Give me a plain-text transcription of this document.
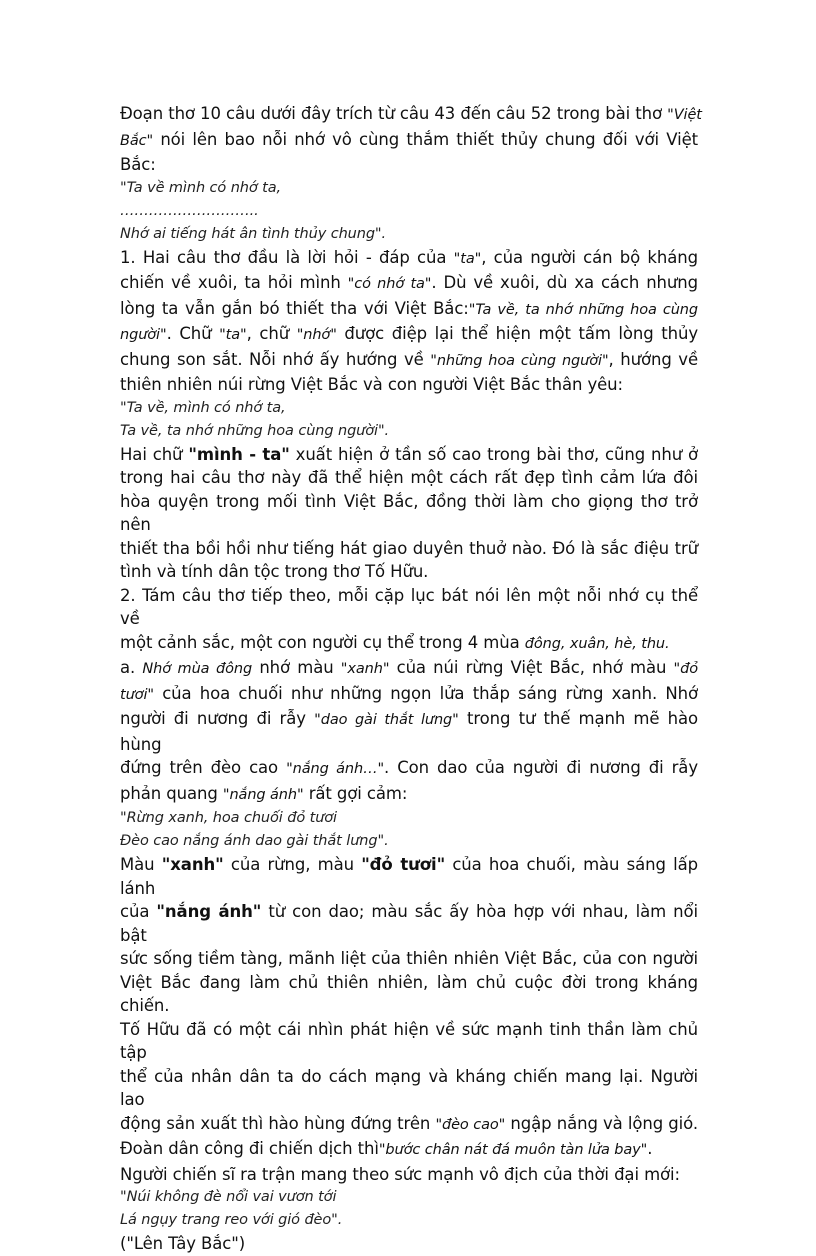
Đoạn thơ 10 câu dưới đây trích từ câu 43 đến câu 52 trong bài thơ "Việt
Bắc" nói lên bao nỗi nhớ vô cùng thắm thiết thủy chung đối với Việt
Bắc:
"Ta về mình có nhớ ta,
………………………..
Nhớ ai tiếng hát ân tình thủy chung".
1. Hai câu thơ đầu là lời hỏi - đáp của "ta", của người cán bộ kháng
chiến về xuôi, ta hỏi mình "có nhớ ta". Dù về xuôi, dù xa cách nhưng
lòng ta vẫn gắn bó thiết tha với Việt Bắc:"Ta về, ta nhớ những hoa cùng
người". Chữ "ta", chữ "nhớ" được điệp lại thể hiện một tấm lòng thủy
chung son sắt. Nỗi nhớ ấy hướng về "những hoa cùng người", hướng về
thiên nhiên núi rừng Việt Bắc và con người Việt Bắc thân yêu:
"Ta về, mình có nhớ ta,
Ta về, ta nhớ những hoa cùng người".
Hai chữ "mình - ta" xuất hiện ở tần số cao trong bài thơ, cũng như ở
trong hai câu thơ này đã thể hiện một cách rất đẹp tình cảm lứa đôi
hòa quyện trong mối tình Việt Bắc, đồng thời làm cho giọng thơ trở nên
thiết tha bồi hồi như tiếng hát giao duyên thuở nào. Đó là sắc điệu trữ
tình và tính dân tộc trong thơ Tố Hữu.
2. Tám câu thơ tiếp theo, mỗi cặp lục bát nói lên một nỗi nhớ cụ thể về
một cảnh sắc, một con người cụ thể trong 4 mùa đông, xuân, hè, thu.
a. Nhớ mùa đông nhớ màu "xanh" của núi rừng Việt Bắc, nhớ màu "đỏ
tươi" của hoa chuối như những ngọn lửa thắp sáng rừng xanh. Nhớ
người đi nương đi rẫy "dao gài thắt lưng" trong tư thế mạnh mẽ hào hùng
đứng trên đèo cao "nắng ánh…". Con dao của người đi nương đi rẫy
phản quang "nắng ánh" rất gợi cảm:
"Rừng xanh, hoa chuối đỏ tươi
Đèo cao nắng ánh dao gài thắt lưng".
Màu "xanh" của rừng, màu "đỏ tươi" của hoa chuối, màu sáng lấp lánh
của "nắng ánh" từ con dao; màu sắc ấy hòa hợp với nhau, làm nổi bật
sức sống tiềm tàng, mãnh liệt của thiên nhiên Việt Bắc, của con người
Việt Bắc đang làm chủ thiên nhiên, làm chủ cuộc đời trong kháng chiến.
Tố Hữu đã có một cái nhìn phát hiện về sức mạnh tinh thần làm chủ tập
thể của nhân dân ta do cách mạng và kháng chiến mang lại. Người lao
động sản xuất thì hào hùng đứng trên "đèo cao" ngập nắng và lộng gió.
Đoàn dân công đi chiến dịch thì"bước chân nát đá muôn tàn lửa bay".
Người chiến sĩ ra trận mang theo sức mạnh vô địch của thời đại mới:
"Núi không đè nổi vai vươn tới
Lá ngụy trang reo với gió đèo".
("Lên Tây Bắc")
